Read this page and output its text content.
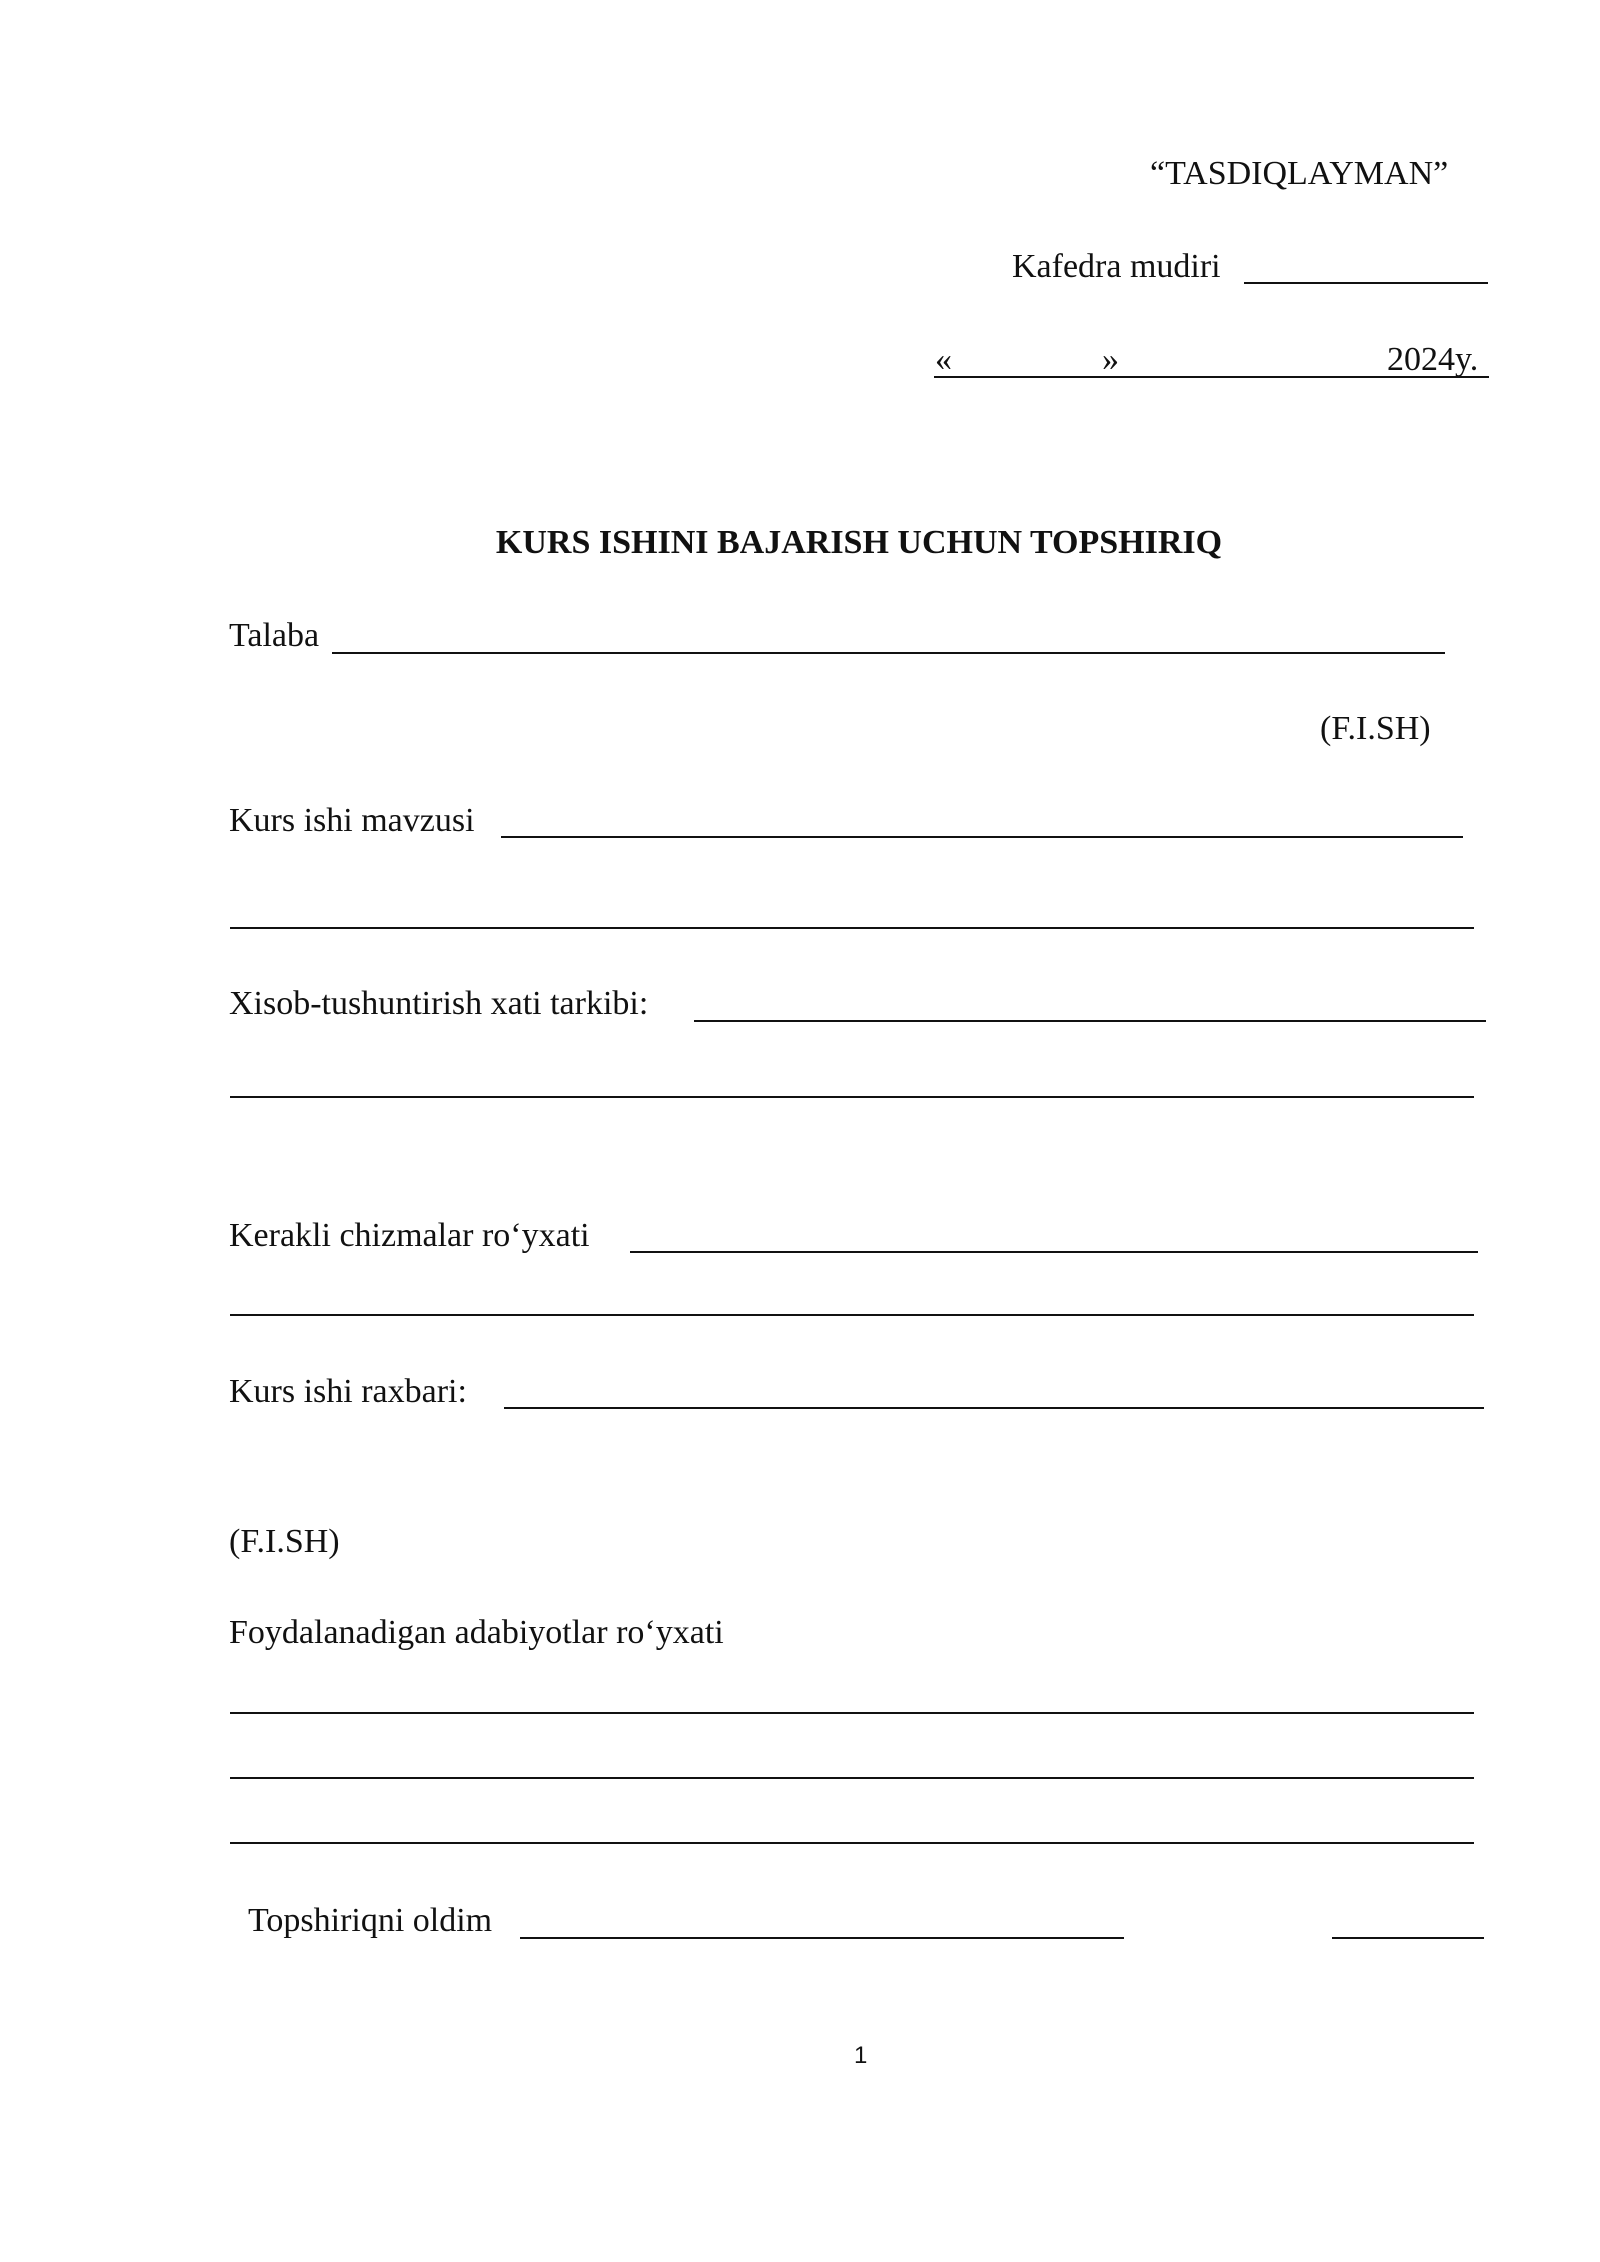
“TASDIQLAYMAN”
Kafedra mudiri
«	»	2024y.
KURS ISHINI BAJARISH UCHUN TOPSHIRIQ
Talaba
(F.I.SH)
Kurs ishi mavzusi
Xisob-tushuntirish xati tarkibi:
Kerakli chizmalar ro‘yxati
Kurs ishi raxbari:
(F.I.SH)
Foydalanadigan adabiyotlar ro‘yxati
Topshiriqni oldim
1
